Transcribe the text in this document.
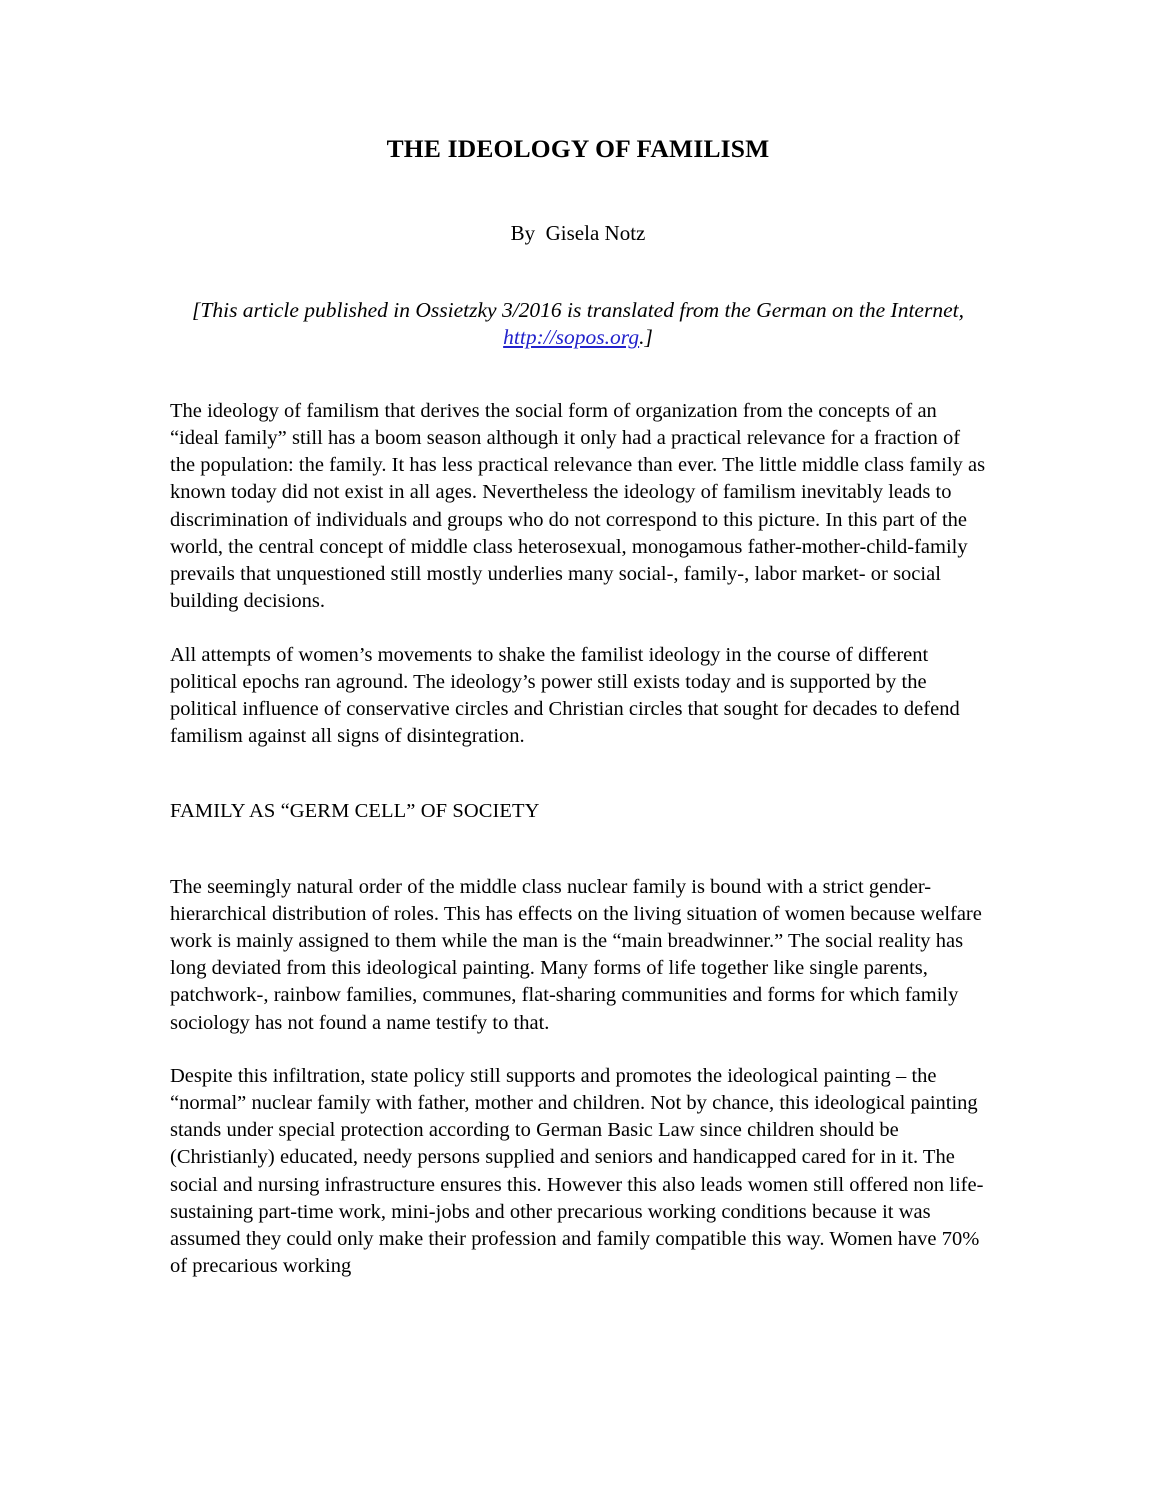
THE IDEOLOGY OF FAMILISM
By  Gisela Notz
[This article published in Ossietzky 3/2016 is translated from the German on the Internet, http://sopos.org.]

The ideology of familism that derives the social form of organization from the concepts of an “ideal family” still has a boom season although it only had a practical relevance for a fraction of the population: the family. It has less practical relevance than ever. The little middle class family as known today did not exist in all ages. Nevertheless the ideology of familism inevitably leads to discrimination of individuals and groups who do not correspond to this picture. In this part of the world, the central concept of middle class heterosexual, monogamous father-mother-child-family prevails that unquestioned still mostly underlies many social-, family-, labor market- or social building decisions.

All attempts of women’s movements to shake the familist ideology in the course of different political epochs ran aground. The ideology’s power still exists today and is supported by the political influence of conservative circles and Christian circles that sought for decades to defend familism against all signs of disintegration.

FAMILY AS “GERM CELL” OF SOCIETY

The seemingly natural order of the middle class nuclear family is bound with a strict gender-hierarchical distribution of roles. This has effects on the living situation of women because welfare work is mainly assigned to them while the man is the “main breadwinner.” The social reality has long deviated from this ideological painting. Many forms of life together like single parents, patchwork-, rainbow families, communes, flat-sharing communities and forms for which family sociology has not found a name testify to that.

Despite this infiltration, state policy still supports and promotes the ideological painting – the “normal” nuclear family with father, mother and children. Not by chance, this ideological painting stands under special protection according to German Basic Law since children should be (Christianly) educated, needy persons supplied and seniors and handicapped cared for in it. The social and nursing infrastructure ensures this. However this also leads women still offered non life-sustaining part-time work, mini-jobs and other precarious working conditions because it was assumed they could only make their profession and family compatible this way. Women have 70% of precarious working
